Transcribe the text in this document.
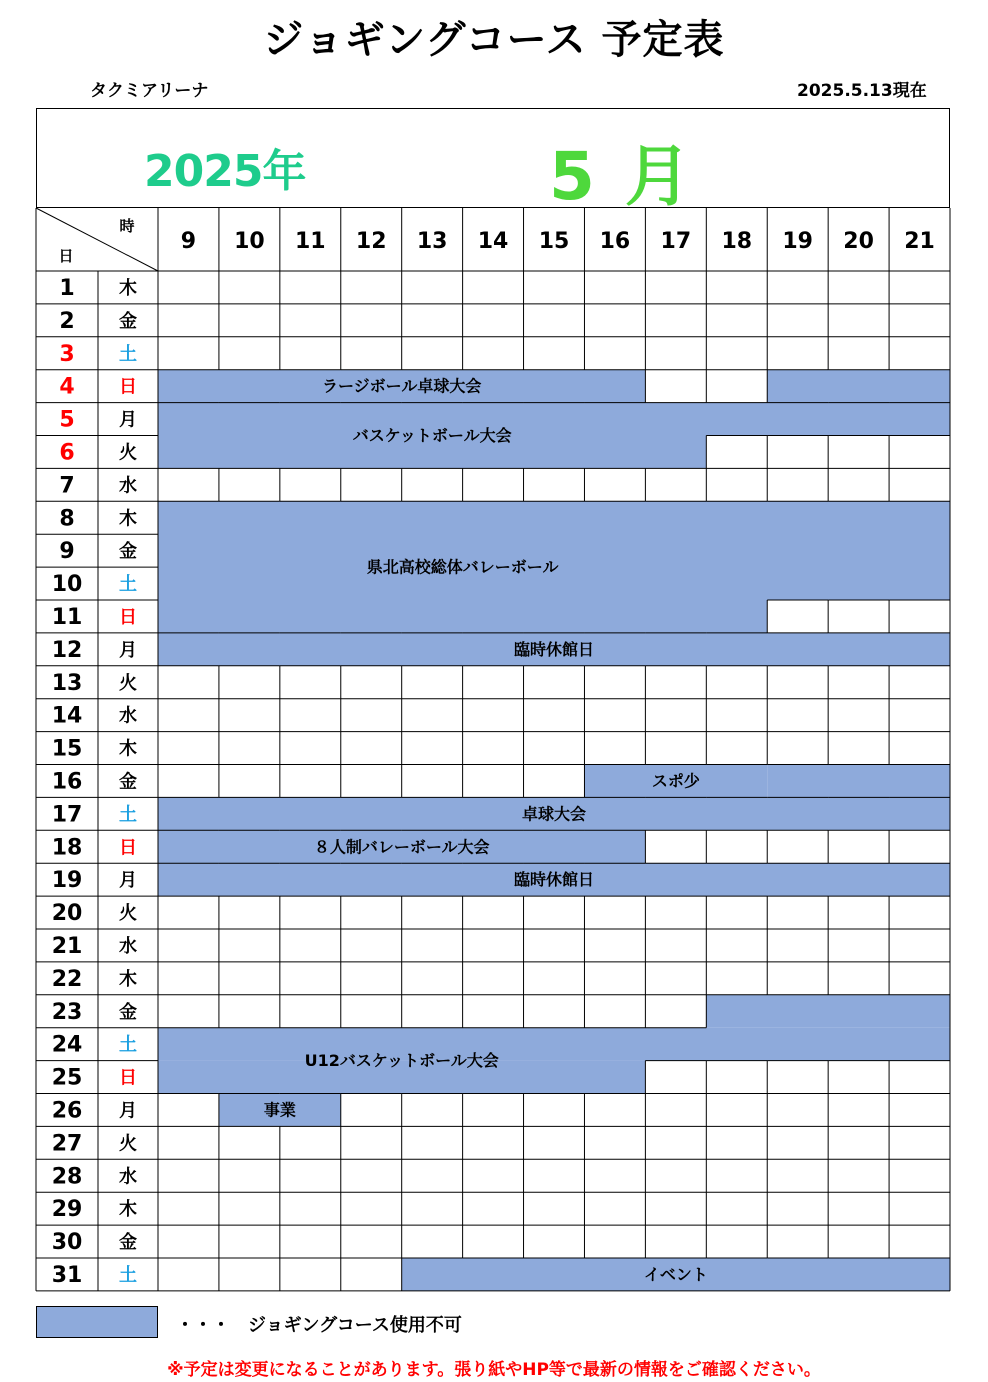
ジョギングコース 予定表
タクミアリーナ	2025.5.13現在
2025年	5月
時
日
9 10 11 12 13 14 15 16 17 18 19 20 21
1 木
2 金
3 土
4 日
5 月
6 火
7 水
8 木
9 金
10 土
11 日
12 月
13 火
14 水
15 木
16 金
17 土
18 日
19 月
20 火
21 水
22 木
23 金
24 土
25 日
26 月
27 火
28 水
29 木
30 金
31 土
ラージボール卓球大会
バスケットボール大会
県北高校総体バレーボール
臨時休館日
スポ少
卓球大会
８人制バレーボール大会
臨時休館日
U12バスケットボール大会
事業
イベント
・・・　ジョギングコース使用不可
※予定は変更になることがあります。張り紙やHP等で最新の情報をご確認ください。
